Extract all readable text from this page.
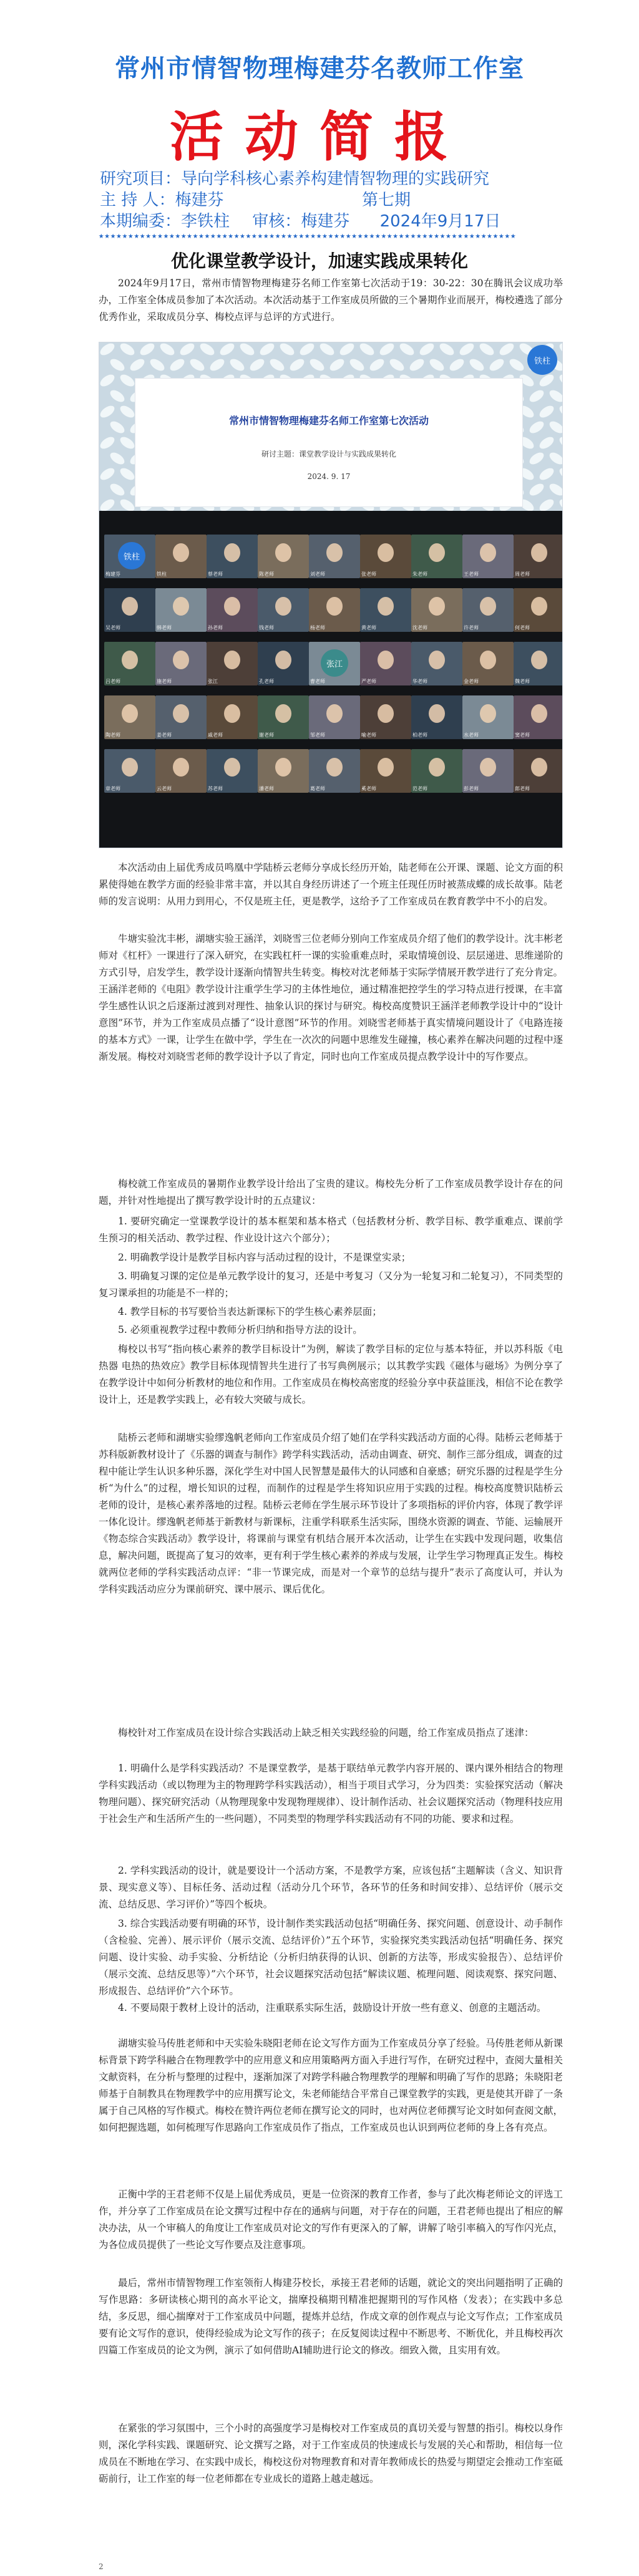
常州市情智物理梅建芬名教师工作室
活动简报
研究项目：导向学科核心素养构建情智物理的实践研究
主 持 人：梅建芬	第七期
本期编委：李铁柱 审核：梅建芬 2024年9月17日
★★★★★★★★★★★★★★★★★★★★★★★★★★★★★★★★★★★★★★★★★★★★★★★★★★★★★★★★★★★★★★★★★★★★★★★
优化课堂教学设计，加速实践成果转化
2024年9月17日，常州市情智物理梅建芬名师工作室第七次活动于19：30-22：30在腾讯会议成功举办，工作室全体成员参加了本次活动。本次活动基于工作室成员所做的三个暑期作业而展开，梅校遴选了部分优秀作业，采取成员分享、梅校点评与总评的方式进行。
铁柱
常州市情智物理梅建芬名师工作室第七次活动
研讨主题：课堂教学设计与实践成果转化
2024. 9. 17
梅建芬	铁柱	蔡老师	陈老师	刘老师	张老师	朱老师	王老师	周老师
吴老师	韩老师	孙老师	钱老师	杨老师	黄老师	沈老师	许老师	何老师
吕老师	施老师	张江	孔老师	曹老师	严老师	华老师	金老师	魏老师
陶老师	姜老师	戚老师	谢老师	邹老师	喻老师	柏老师	水老师	窦老师
章老师	云老师	苏老师	潘老师	葛老师	奚老师	范老师	彭老师	郎老师
铁柱
张江
本次活动由上届优秀成员鸣凰中学陆桥云老师分享成长经历开始，陆老师在公开课、课题、论文方面的积累使得她在教学方面的经验非常丰富，并以其自身经历讲述了一个班主任现任历时被蒸成蝶的成长故事。陆老师的发言说明：从用力到用心，不仅是班主任，更是教学，这给予了工作室成员在教育教学中不小的启发。
牛塘实验沈丰彬，湖塘实验王涵洋，刘晓雪三位老师分别向工作室成员介绍了他们的教学设计。沈丰彬老师对《杠杆》一课进行了深入研究，在实践杠杆一课的实验重难点时，采取情境创设、层层递进、思维递阶的方式引导，启发学生，教学设计逐渐向情智共生转变。梅校对沈老师基于实际学情展开教学进行了充分肯定。王涵洋老师的《电阻》教学设计注重学生学习的主体性地位，通过精准把控学生的学习特点进行授课，在丰富学生感性认识之后逐渐过渡到对理性、抽象认识的探讨与研究。梅校高度赞识王涵洋老师教学设计中的“设计意图”环节，并为工作室成员点播了“设计意图”环节的作用。刘晓雪老师基于真实情境问题设计了《电路连接的基本方式》一课，让学生在做中学，学生在一次次的问题中思维发生碰撞，核心素养在解决问题的过程中逐渐发展。梅校对刘晓雪老师的教学设计予以了肯定，同时也向工作室成员提点教学设计中的写作要点。
梅校就工作室成员的暑期作业教学设计给出了宝贵的建议。梅校先分析了工作室成员教学设计存在的问题，并针对性地提出了撰写教学设计时的五点建议：
1. 要研究确定一堂课教学设计的基本框架和基本格式（包括教材分析、教学目标、教学重难点、课前学生预习的相关活动、教学过程、作业设计这六个部分）；
2. 明确教学设计是教学目标内容与活动过程的设计，不是课堂实录；
3. 明确复习课的定位是单元教学设计的复习，还是中考复习（又分为一轮复习和二轮复习），不同类型的复习课承担的功能是不一样的；
4. 教学目标的书写要恰当表达新课标下的学生核心素养层面；
5. 必须重视教学过程中教师分析归纳和指导方法的设计。
梅校以书写“指向核心素养的教学目标设计”为例，解读了教学目标的定位与基本特征，并以苏科版《电热器 电热的热效应》教学目标体现情智共生进行了书写典例展示；以其教学实践《磁体与磁场》为例分享了在教学设计中如何分析教材的地位和作用。工作室成员在梅校高密度的经验分享中获益匪浅，相信不论在教学设计上，还是教学实践上，必有较大突破与成长。
陆桥云老师和湖塘实验缪逸帆老师向工作室成员介绍了她们在学科实践活动方面的心得。陆桥云老师基于苏科版新教材设计了《乐器的调查与制作》跨学科实践活动，活动由调查、研究、制作三部分组成，调查的过程中能让学生认识多种乐器，深化学生对中国人民智慧是最伟大的认同感和自豪感；研究乐器的过程是学生分析“为什么”的过程，增长知识的过程，而制作的过程是学生将知识应用于实践的过程。梅校高度赞识陆桥云老师的设计，是核心素养落地的过程。陆桥云老师在学生展示环节设计了多项指标的评价内容，体现了教学评一体化设计。缪逸帆老师基于新教材与新课标，注重学科联系生活实际，围绕水资源的调查、节能、运输展开《物态综合实践活动》教学设计，将课前与课堂有机结合展开本次活动，让学生在实践中发现问题，收集信息，解决问题，既提高了复习的效率，更有利于学生核心素养的养成与发展，让学生学习物理真正发生。梅校就两位老师的学科实践活动点评：“非一节课完成，而是对一个章节的总结与提升”表示了高度认可，并认为学科实践活动应分为课前研究、课中展示、课后优化。
梅校针对工作室成员在设计综合实践活动上缺乏相关实践经验的问题，给工作室成员指点了迷津：
1. 明确什么是学科实践活动？不是课堂教学，是基于联结单元教学内容开展的、课内课外相结合的物理学科实践活动（或以物理为主的物理跨学科实践活动），相当于项目式学习，分为四类：实验探究活动（解决物理问题）、探究研究活动（从物理现象中发现物理规律）、设计制作活动、社会议题探究活动（物理科技应用于社会生产和生活所产生的一些问题），不同类型的物理学科实践活动有不同的功能、要求和过程。
2. 学科实践活动的设计，就是要设计一个活动方案，不是教学方案，应该包括“主题解读（含义、知识背景、现实意义等）、目标任务、活动过程（活动分几个环节，各环节的任务和时间安排）、总结评价（展示交流、总结反思、学习评价）”等四个板块。
3. 综合实践活动要有明确的环节，设计制作类实践活动包括“明确任务、探究问题、创意设计、动手制作（含检验、完善）、展示评价（展示交流、总结评价）”五个环节，实验探究类实践活动包括“明确任务、探究问题、设计实验、动手实验、分析结论（分析归纳获得的认识、创新的方法等，形成实验报告）、总结评价（展示交流、总结反思等）”六个环节，社会议题探究活动包括“解读议题、梳理问题、阅读观察、探究问题、形成报告、总结评价”六个环节。
4. 不要局限于教材上设计的活动，注重联系实际生活，鼓励设计开放一些有意义、创意的主题活动。
湖塘实验马传胜老师和中天实验朱晓阳老师在论文写作方面为工作室成员分享了经验。马传胜老师从新课标背景下跨学科融合在物理教学中的应用意义和应用策略两方面入手进行写作，在研究过程中，查阅大量相关文献资料，在分析与整理的过程中，逐渐加深了对跨学科融合物理教学的理解和明确了写作的思路；朱晓阳老师基于自制教具在物理教学中的应用撰写论文，朱老师能结合平常自己课堂教学的实践，更是使其开辟了一条属于自己风格的写作模式。梅校在赞许两位老师在撰写论文的同时，也对两位老师撰写论文时如何查阅文献，如何把握选题，如何梳理写作思路向工作室成员作了指点，工作室成员也认识到两位老师的身上各有亮点。
正衡中学的王君老师不仅是上届优秀成员，更是一位资深的教育工作者，参与了此次梅老师论文的评选工作，并分享了工作室成员在论文撰写过程中存在的通病与问题，对于存在的问题，王君老师也提出了相应的解决办法，从一个审稿人的角度让工作室成员对论文的写作有更深入的了解，讲解了啥引率稿入的写作闪光点，为各位成员提供了一些论文写作要点及注意事项。
最后，常州市情智物理工作室领衔人梅建芬校长，承接王君老师的话题，就论文的突出问题指明了正确的写作思路：多研读核心期刊的高水平论文，揣摩投稿期刊精准把握期刊的写作风格（发表）；在实践中多总结，多反思，细心揣摩对于工作室成员中问题，提炼并总结，作成文章的创作观点与论文写作点；工作室成员要有论文写作的意识，使得经验成为论文写作的孩子；在反复阅读过程中不断思考、不断优化，并且梅校再次四篇工作室成员的论文为例，演示了如何借助AI辅助进行论文的修改。细致入微，且实用有效。
在紧张的学习氛围中，三个小时的高强度学习是梅校对工作室成员的真切关爱与智慧的指引。梅校以身作则，深化学科实践、课题研究、论文撰写之路，对于工作室成员的快速成长与发展的关心和帮助，相信每一位成员在不断地在学习、在实践中成长，梅校这份对物理教育和对青年教师成长的热爱与期望定会推动工作室砥砺前行，让工作室的每一位老师都在专业成长的道路上越走越远。
2
